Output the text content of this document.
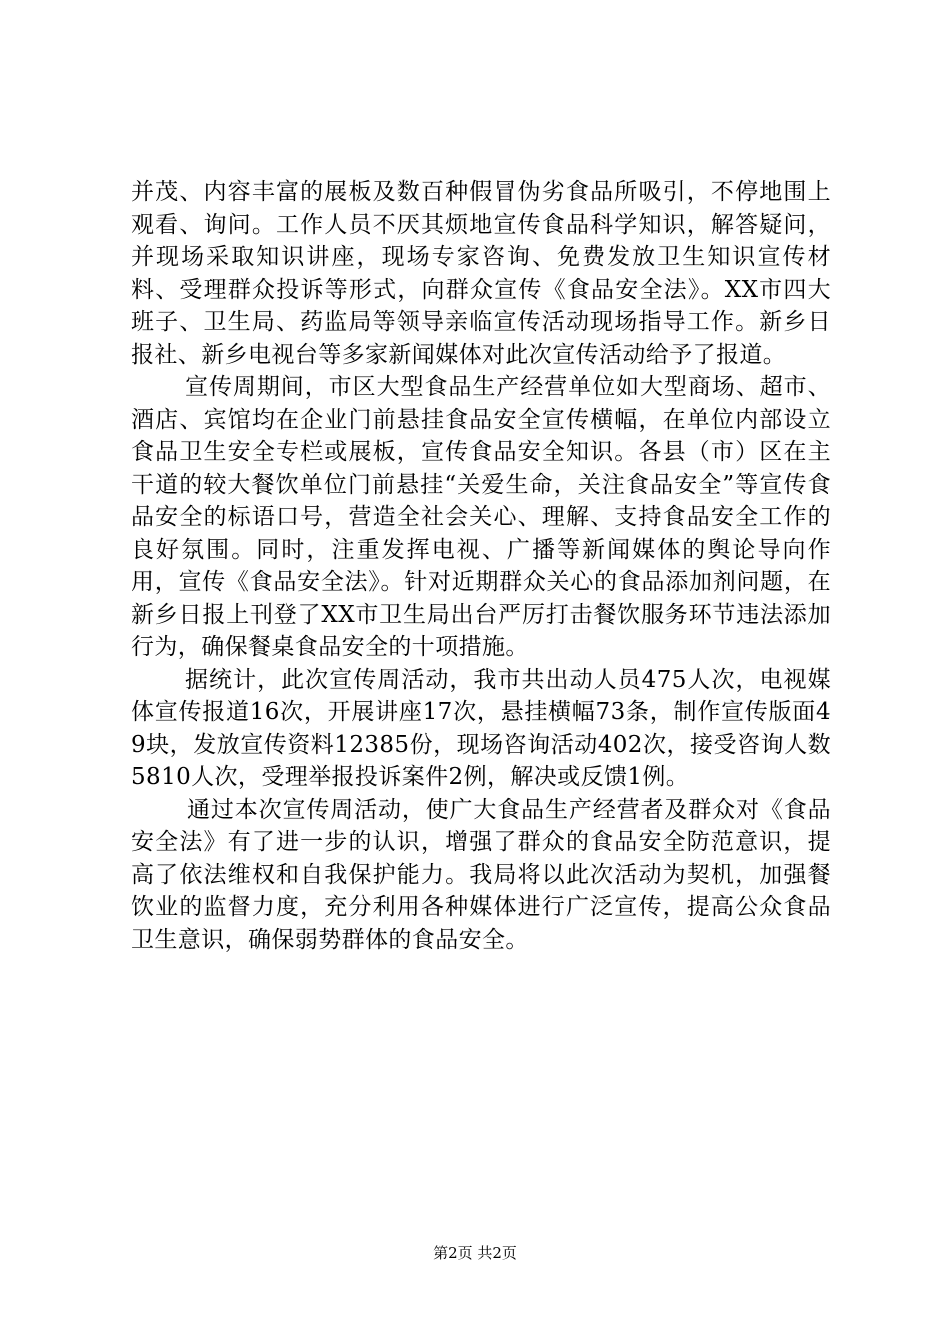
并茂、内容丰富的展板及数百种假冒伪劣食品所吸引，不停地围上观看、询问。工作人员不厌其烦地宣传食品科学知识，解答疑问，并现场采取知识讲座，现场专家咨询、免费发放卫生知识宣传材料、受理群众投诉等形式，向群众宣传《食品安全法》。XX市四大班子、卫生局、药监局等领导亲临宣传活动现场指导工作。新乡日报社、新乡电视台等多家新闻媒体对此次宣传活动给予了报道。

宣传周期间，市区大型食品生产经营单位如大型商场、超市、酒店、宾馆均在企业门前悬挂食品安全宣传横幅，在单位内部设立食品卫生安全专栏或展板，宣传食品安全知识。各县（市）区在主干道的较大餐饮单位门前悬挂“关爱生命，关注食品安全”等宣传食品安全的标语口号，营造全社会关心、理解、支持食品安全工作的良好氛围。同时，注重发挥电视、广播等新闻媒体的舆论导向作用，宣传《食品安全法》。针对近期群众关心的食品添加剂问题，在新乡日报上刊登了XX市卫生局出台严厉打击餐饮服务环节违法添加行为，确保餐桌食品安全的十项措施。

据统计，此次宣传周活动，我市共出动人员475人次，电视媒体宣传报道16次，开展讲座17次，悬挂横幅73条，制作宣传版面49块，发放宣传资料12385份，现场咨询活动402次，接受咨询人数5810人次，受理举报投诉案件2例，解决或反馈1例。

通过本次宣传周活动，使广大食品生产经营者及群众对《食品安全法》有了进一步的认识，增强了群众的食品安全防范意识，提高了依法维权和自我保护能力。我局将以此次活动为契机，加强餐饮业的监督力度，充分利用各种媒体进行广泛宣传，提高公众食品卫生意识，确保弱势群体的食品安全。

第2页 共2页
